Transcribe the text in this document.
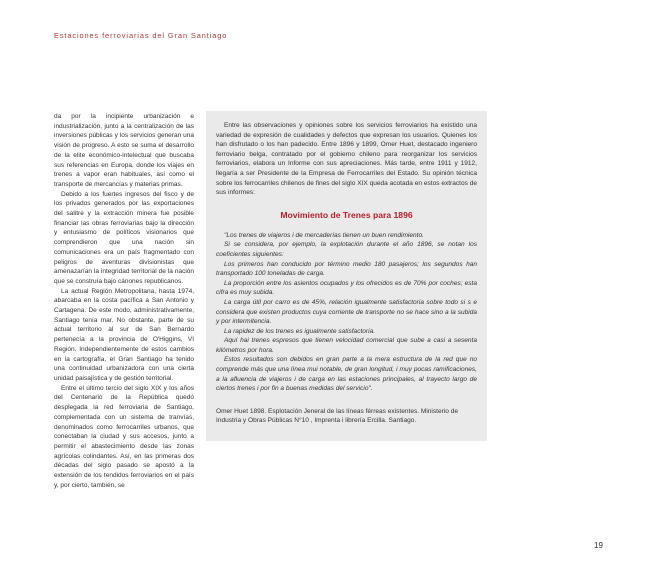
Estaciones ferroviarias del Gran Santiago

da por la incipiente urbanización e industrialización, junto a la centralización de las inversiones públicas y los servicios generan una visión de progreso. A esto se suma el desarrollo de la elite económico-intelectual que buscaba sus referencias en Europa, donde los viajes en trenes a vapor eran habituales, así como el transporte de mercancías y materias primas.

Debido a los fuertes ingresos del fisco y de los privados generados por las exportaciones del salitre y la extracción minera fue posible financiar las obras ferroviarias bajo la dirección y entusiasmo de políticos visionarios que comprendieron que una nación sin comunicaciones era un país fragmentado con peligros de aventuras divisionistas que amenazarían la integridad territorial de la nación que se construía bajo cánones republicanos.

La actual Región Metropolitana, hasta 1974, abarcaba en la costa pacífica a San Antonio y Cartagena. De este modo, administrativamente, Santiago tenía mar. No obstante, parte de su actual territorio al sur de San Bernardo pertenecía a la provincia de O'Higgins, VI Región. Independientemente de estos cambios en la cartografía, el Gran Santiago ha tenido una continuidad urbanizadora con una cierta unidad paisajística y de gestión territorial.

Entre el último tercio del siglo XIX y los años del Centenario de la República quedó desplegada la red ferroviaria de Santiago, complementada con un sistema de tranvías, denominados como ferrocarriles urbanos, que conectaban la ciudad y sus accesos, junto a permitir el abastecimiento desde las zonas agrícolas colindantes. Así, en las primeras dos décadas del siglo pasado se apostó a la extensión de los tendidos ferroviarios en el país y, por cierto, también, se

Entre las observaciones y opiniones sobre los servicios ferroviarios ha existido una variedad de expresión de cualidades y defectos que expresan los usuarios. Quienes los han disfrutado o los han padecido. Entre 1896 y 1899, Omer Huet, destacado ingeniero ferroviario belga, contratado por el gobierno chileno para reorganizar los servicios ferroviarios, elabora un Informe con sus apreciaciones. Más tarde, entre 1911 y 1912, llegaría a ser Presidente de la Empresa de Ferrocarriles del Estado. Su opinión técnica sobre los ferrocarriles chilenos de fines del siglo XIX queda acotada en estos extractos de sus informes:

Movimiento de Trenes para 1896

"Los trenes de viajeros i de mercaderías tienen un buen rendimiento.

Si se considera, por ejemplo, la explotación durante el año 1896, se notan los coeficientes siguientes:

Los primeros han conducido por término medio 180 pasajeros; los segundos han transportado 100 toneladas de carga.

La proporción entre los asientos ocupados y los ofrecidos es de 70% por coches; esta cifra es muy subida.

La carga útil por carro es de 45%, relación igualmente satisfactoria sobre todo si s e considera que existen productos cuya corriente de transporte no se hace sino a la subida y por intermitencia.

La rapidez de los trenes es igualmente satisfactoria.

Aquí hai trenes espresos que tienen velocidad comercial que sube a casi a sesenta kilómetros por hora.

Estos resultados son debidos en gran parte a la mera estructura de la red que no comprende más que una línea mui notable, de gran longitud, i muy pocas ramificaciones, a la afluencia de viajeros i de carga en las estaciones principales, al trayecto largo de ciertos trenes i por fin a buenas medidas del servicio".

Omer Huet 1898. Esplotación Jeneral de las líneas férreas existentes. Ministerio de Industria y Obras Públicas N°10 , Imprenta i librería Ercilla. Santiago.

19
